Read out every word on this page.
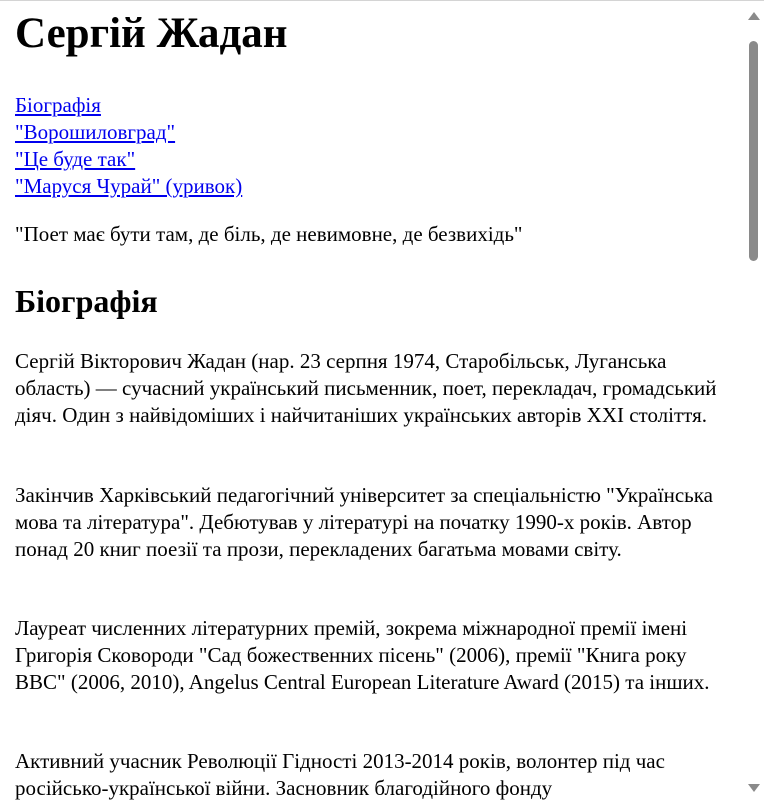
Сергій Жадан
Біографія
"Ворошиловград"
"Це буде так"
"Маруся Чурай" (уривок)

"Поет має бути там, де біль, де невимовне, де безвихідь"

Біографія

Сергій Вікторович Жадан (нар. 23 серпня 1974, Старобільськ, Луганська область) — сучасний український письменник, поет, перекладач, громадський діяч. Один з найвідоміших і найчитаніших українських авторів XXI століття.

Закінчив Харківський педагогічний університет за спеціальністю "Українська мова та література". Дебютував у літературі на початку 1990-х років. Автор понад 20 книг поезії та прози, перекладених багатьма мовами світу.

Лауреат численних літературних премій, зокрема міжнародної премії імені Григорія Сковороди "Сад божественних пісень" (2006), премії "Книга року BBC" (2006, 2010), Angelus Central European Literature Award (2015) та інших.

Активний учасник Революції Гідності 2013-2014 років, волонтер під час російсько-української війни. Засновник благодійного фонду
